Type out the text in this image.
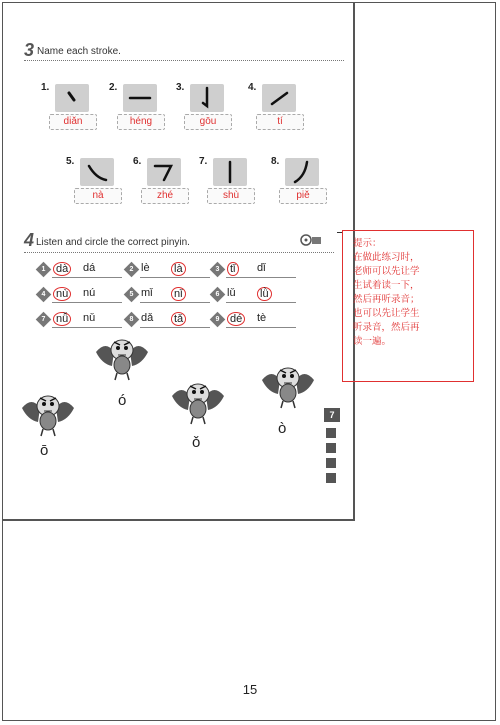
3 Name each stroke.
1.
diǎn
2.
héng
3.
gōu
4.
tí
5.
nà
6.
zhé
7.
shù
8.
piě
4 Listen and circle the correct pinyin.
1 dà dá	2 lè là	3 tǐ dǐ
4 nù nú	5 mǐ nǐ	6 lǔ lǜ
7 nǚ nǔ	8 dǎ tǎ	9 dé tè
ō
ó
ǒ
ò
提示：
在做此练习时，
老师可以先让学
生试着读一下，
然后再听录音；
也可以先让学生
听录音，然后再
读一遍。
7
15
